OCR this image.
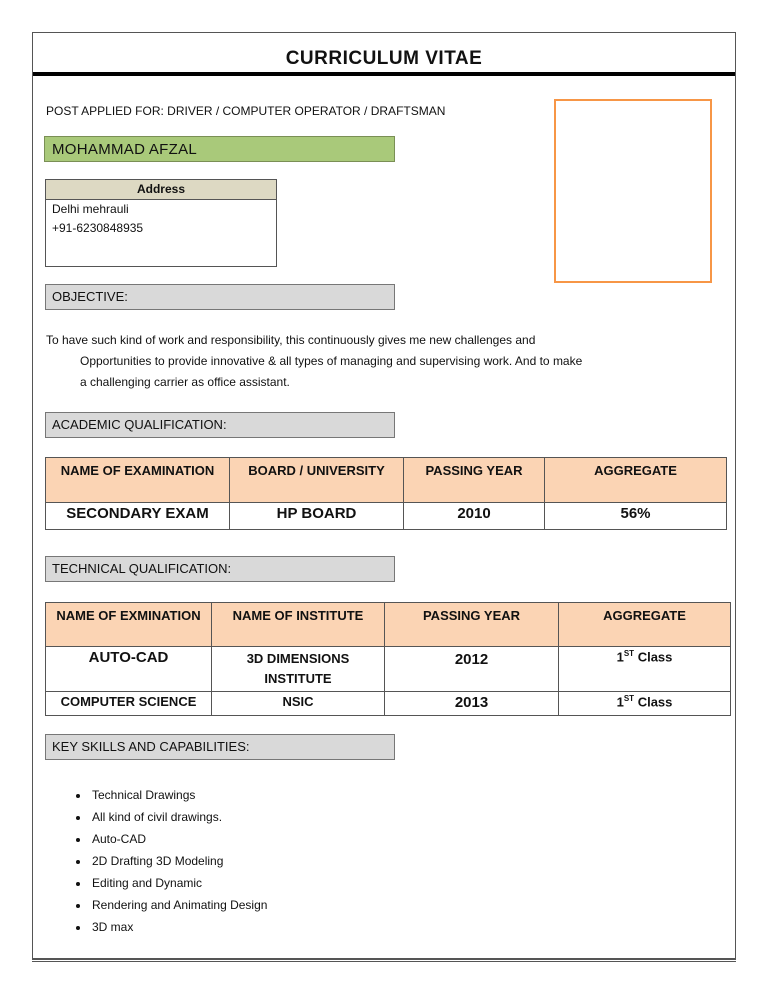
CURRICULUM VITAE
POST APPLIED FOR: DRIVER / COMPUTER OPERATOR / DRAFTSMAN
MOHAMMAD AFZAL
Address
Delhi mehrauli
+91-6230848935
OBJECTIVE:
To have such kind of work and responsibility, this continuously gives me new challenges and
Opportunities to provide innovative & all types of managing and supervising work. And to make
a challenging carrier as office assistant.
ACADEMIC QUALIFICATION:
NAME OF EXAMINATION	BOARD / UNIVERSITY	PASSING YEAR	AGGREGATE
SECONDARY EXAM	HP BOARD	2010	56%
TECHNICAL QUALIFICATION:
NAME OF EXMINATION	NAME OF INSTITUTE	PASSING YEAR	AGGREGATE
AUTO-CAD	3D DIMENSIONS INSTITUTE	2012	1ST Class
COMPUTER SCIENCE	NSIC	2013	1ST Class
KEY SKILLS AND CAPABILITIES:
• Technical Drawings
• All kind of civil drawings.
• Auto-CAD
• 2D Drafting 3D Modeling
• Editing and Dynamic
• Rendering and Animating Design
• 3D max
